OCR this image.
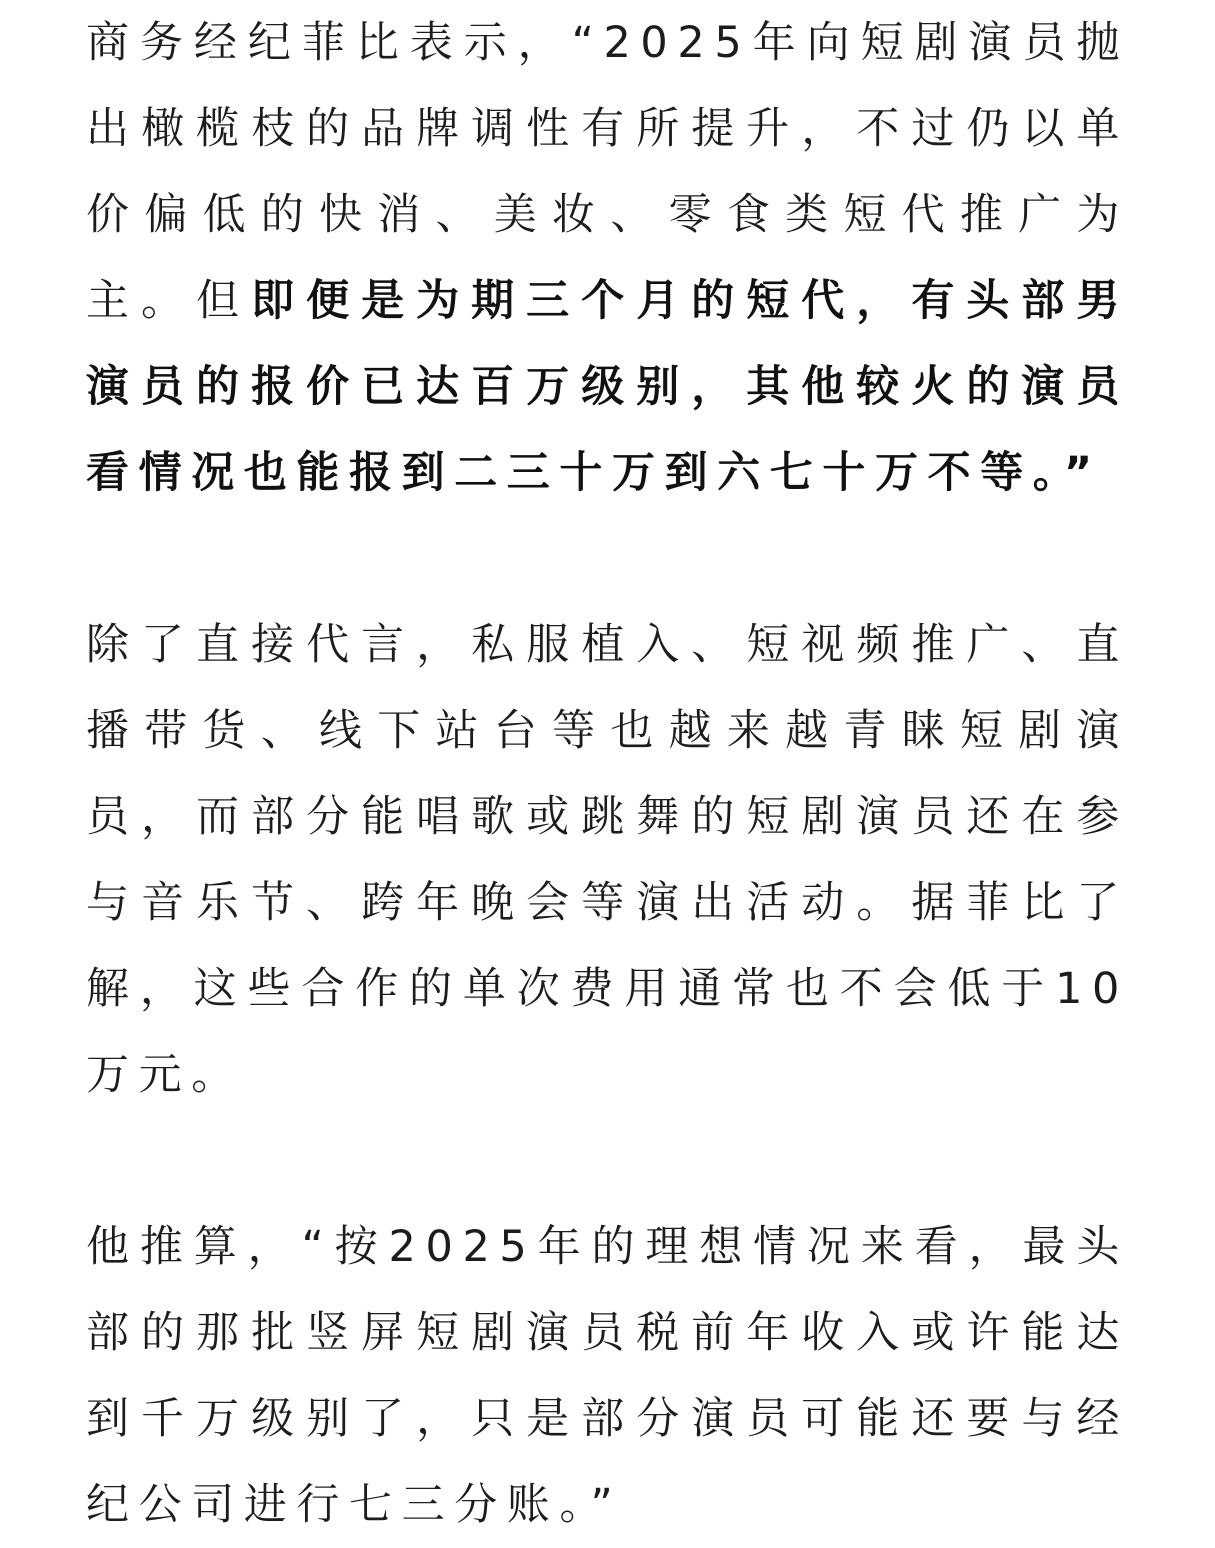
商务经纪菲比表示，“2025年向短剧演员抛出橄榄枝的品牌调性有所提升，不过仍以单价偏低的快消、美妆、零食类短代推广为主。但即便是为期三个月的短代，有头部男演员的报价已达百万级别，其他较火的演员看情况也能报到二三十万到六七十万不等。”

除了直接代言，私服植入、短视频推广、直播带货、线下站台等也越来越青睐短剧演员，而部分能唱歌或跳舞的短剧演员还在参与音乐节、跨年晚会等演出活动。据菲比了解，这些合作的单次费用通常也不会低于10万元。

他推算，“按2025年的理想情况来看，最头部的那批竖屏短剧演员税前年收入或许能达到千万级别了，只是部分演员可能还要与经纪公司进行七三分账。”
